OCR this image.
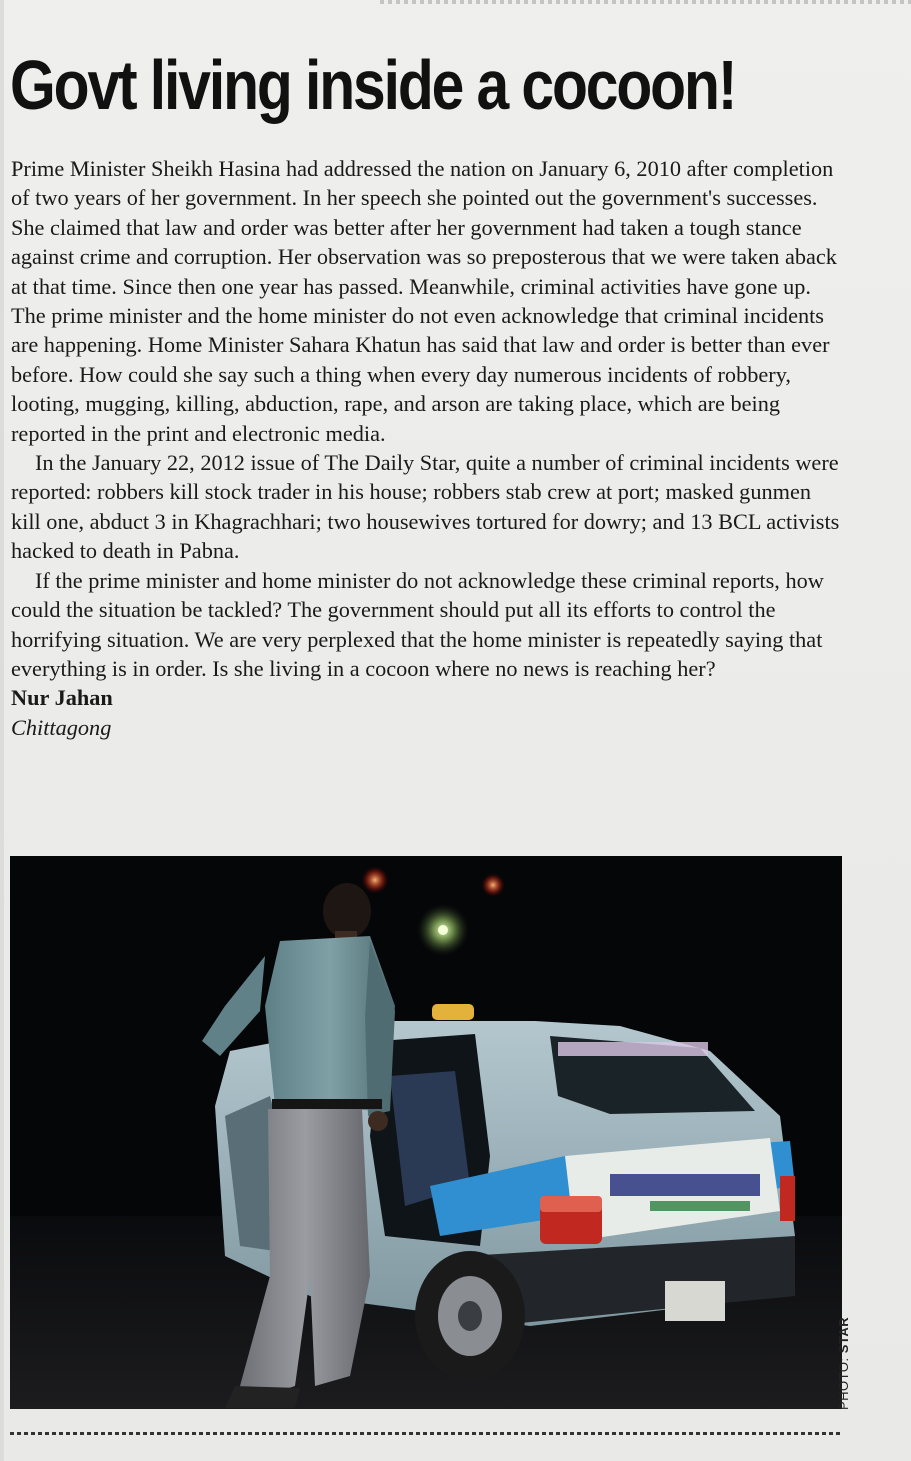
Govt living inside a cocoon!

Prime Minister Sheikh Hasina had addressed the nation on January 6, 2010 after completion of two years of her government. In her speech she pointed out the government's successes. She claimed that law and order was better after her government had taken a tough stance against crime and corruption. Her observation was so preposterous that we were taken aback at that time. Since then one year has passed. Meanwhile, criminal activities have gone up. The prime minister and the home minister do not even acknowledge that criminal incidents are happening. Home Minister Sahara Khatun has said that law and order is better than ever before. How could she say such a thing when every day numerous incidents of robbery, looting, mugging, killing, abduction, rape, and arson are taking place, which are being reported in the print and electronic media.

In the January 22, 2012 issue of The Daily Star, quite a number of criminal incidents were reported: robbers kill stock trader in his house; robbers stab crew at port; masked gunmen kill one, abduct 3 in Khagrachhari; two housewives tortured for dowry; and 13 BCL activists hacked to death in Pabna.

If the prime minister and home minister do not acknowledge these criminal reports, how could the situation be tackled? The government should put all its efforts to control the horrifying situation. We are very perplexed that the home minister is repeatedly saying that everything is in order. Is she living in a cocoon where no news is reaching her?

Nur Jahan

Chittagong

PHOTO: STAR
